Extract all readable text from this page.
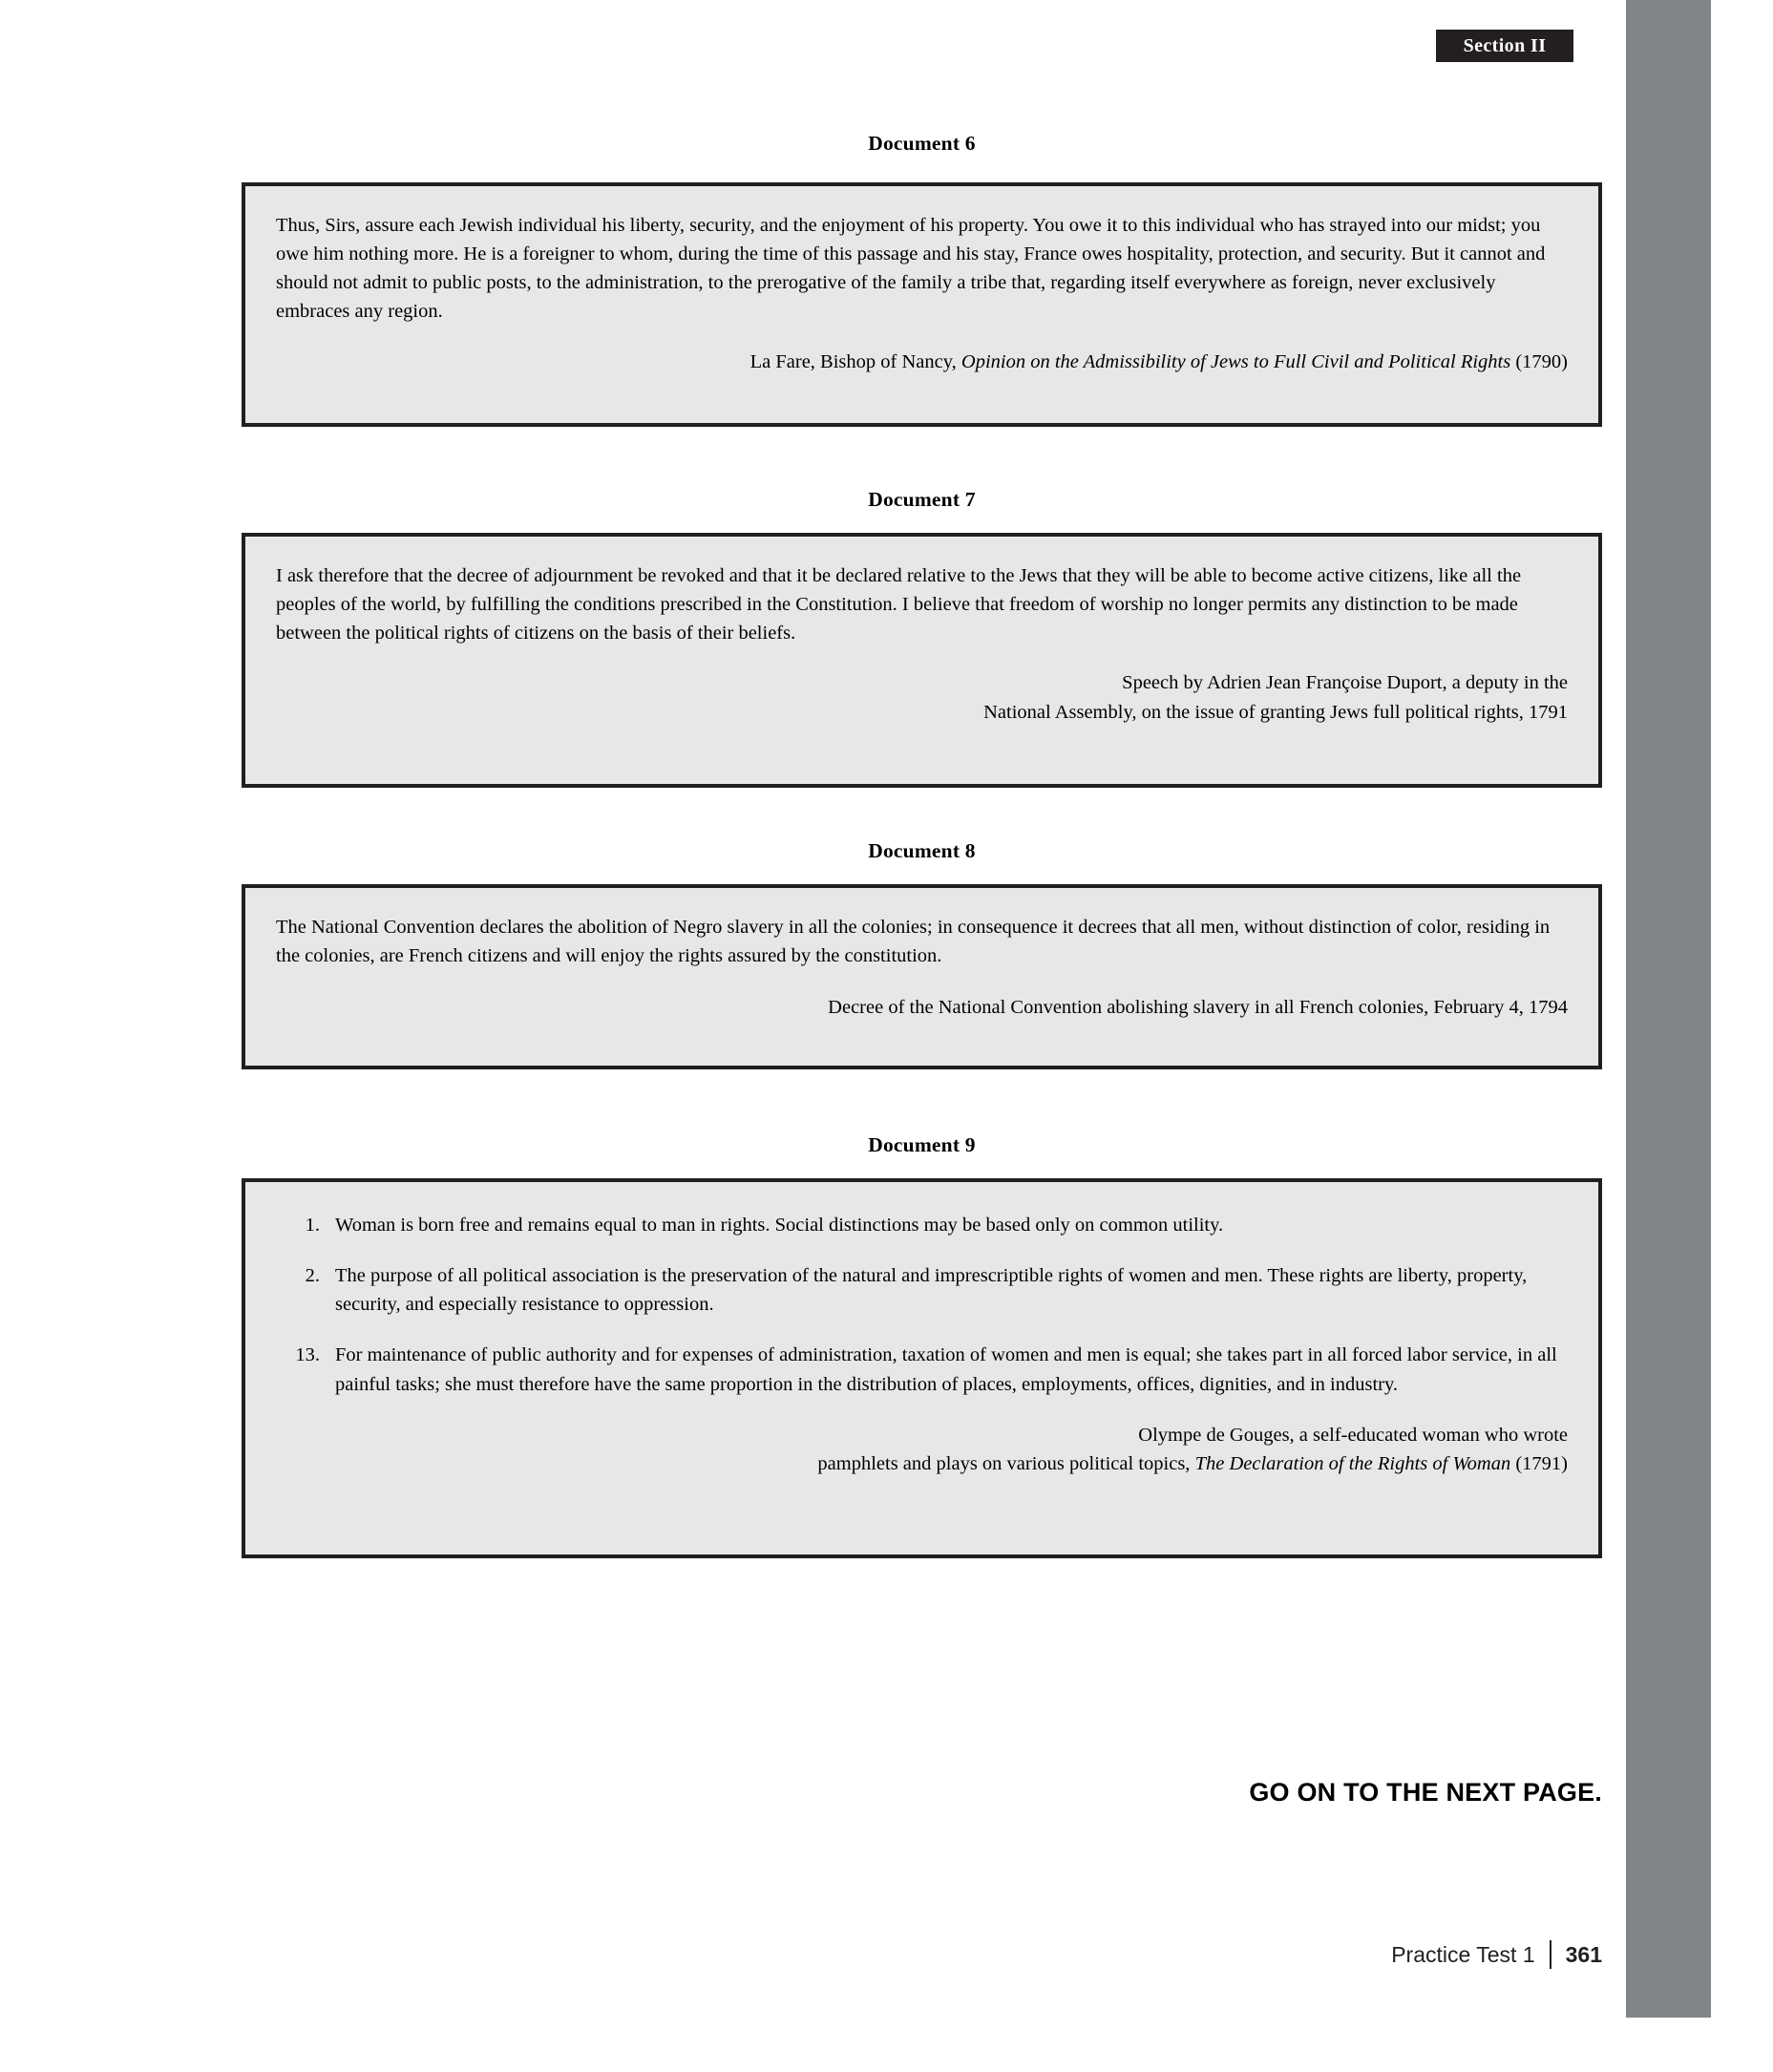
Section II
Document 6

Thus, Sirs, assure each Jewish individual his liberty, security, and the enjoyment of his property. You owe it to this individual who has strayed into our midst; you owe him nothing more. He is a foreigner to whom, during the time of this passage and his stay, France owes hospitality, protection, and security. But it cannot and should not admit to public posts, to the administration, to the prerogative of the family a tribe that, regarding itself everywhere as foreign, never exclusively embraces any region.

La Fare, Bishop of Nancy, Opinion on the Admissibility of Jews to Full Civil and Political Rights (1790)

Document 7

I ask therefore that the decree of adjournment be revoked and that it be declared relative to the Jews that they will be able to become active citizens, like all the peoples of the world, by fulfilling the conditions prescribed in the Constitution. I believe that freedom of worship no longer permits any distinction to be made between the political rights of citizens on the basis of their beliefs.

Speech by Adrien Jean Françoise Duport, a deputy in the

National Assembly, on the issue of granting Jews full political rights, 1791

Document 8

The National Convention declares the abolition of Negro slavery in all the colonies; in consequence it decrees that all men, without distinction of color, residing in the colonies, are French citizens and will enjoy the rights assured by the constitution.

Decree of the National Convention abolishing slavery in all French colonies, February 4, 1794

Document 9
1. Woman is born free and remains equal to man in rights. Social distinctions may be based only on common utility.
2. The purpose of all political association is the preservation of the natural and imprescriptible rights of women and men. These rights are liberty, property, security, and especially resistance to oppression.
13. For maintenance of public authority and for expenses of administration, taxation of women and men is equal; she takes part in all forced labor service, in all painful tasks; she must therefore have the same proportion in the distribution of places, employments, offices, dignities, and in industry.

Olympe de Gouges, a self-educated woman who wrote

pamphlets and plays on various political topics, The Declaration of the Rights of Woman (1791)

GO ON TO THE NEXT PAGE.
Practice Test 1 361
